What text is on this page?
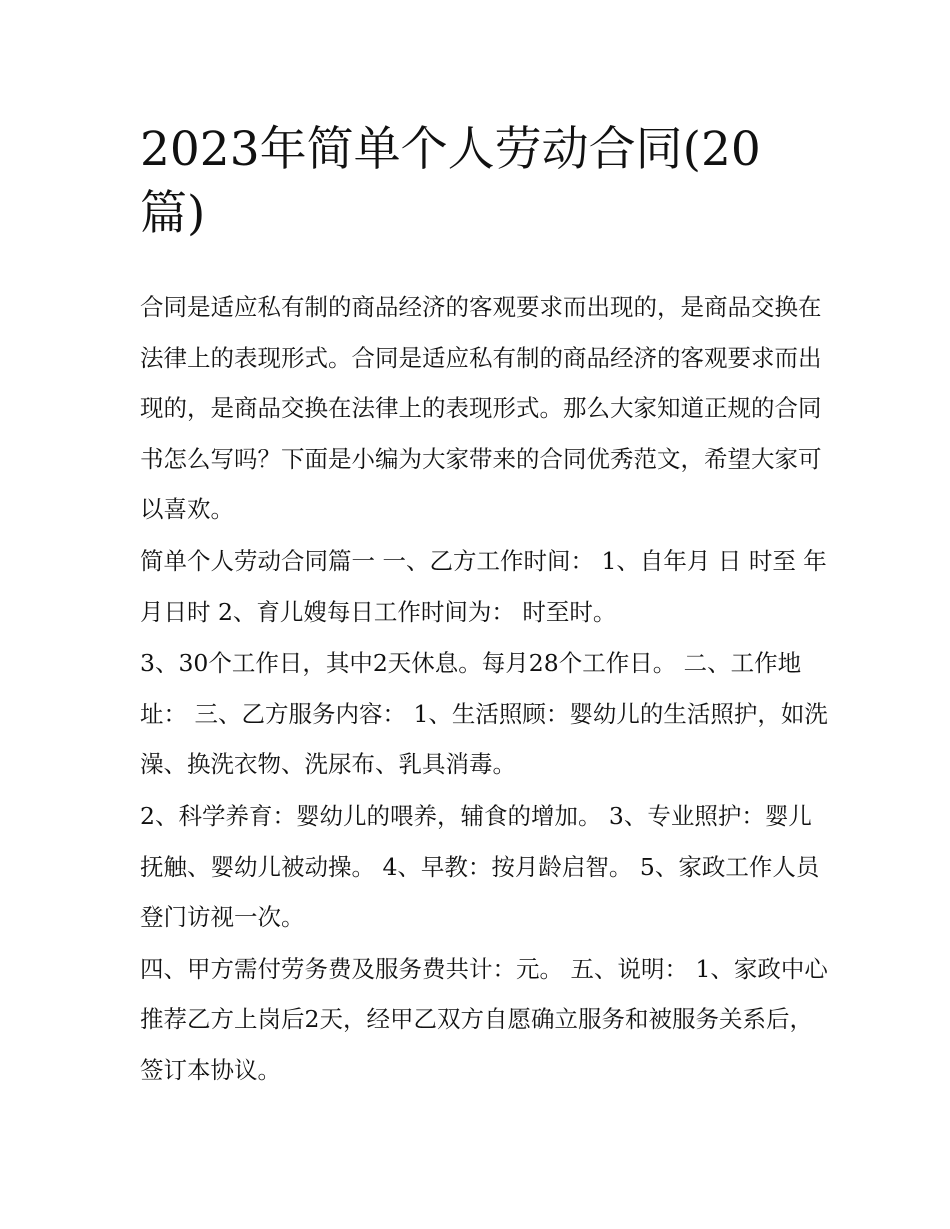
2023年简单个人劳动合同(20篇)

合同是适应私有制的商品经济的客观要求而出现的，是商品交换在法律上的表现形式。合同是适应私有制的商品经济的客观要求而出现的，是商品交换在法律上的表现形式。那么大家知道正规的合同书怎么写吗？下面是小编为大家带来的合同优秀范文，希望大家可以喜欢。

简单个人劳动合同篇一 一、乙方工作时间： 1、自年月 日 时至 年 月日时 2、育儿嫂每日工作时间为： 时至时。

3、30个工作日，其中2天休息。每月28个工作日。 二、工作地址： 三、乙方服务内容： 1、生活照顾：婴幼儿的生活照护，如洗澡、换洗衣物、洗尿布、乳具消毒。

2、科学养育：婴幼儿的喂养，辅食的增加。 3、专业照护：婴儿抚触、婴幼儿被动操。 4、早教：按月龄启智。 5、家政工作人员登门访视一次。

四、甲方需付劳务费及服务费共计：元。 五、说明： 1、家政中心推荐乙方上岗后2天，经甲乙双方自愿确立服务和被服务关系后，签订本协议。
